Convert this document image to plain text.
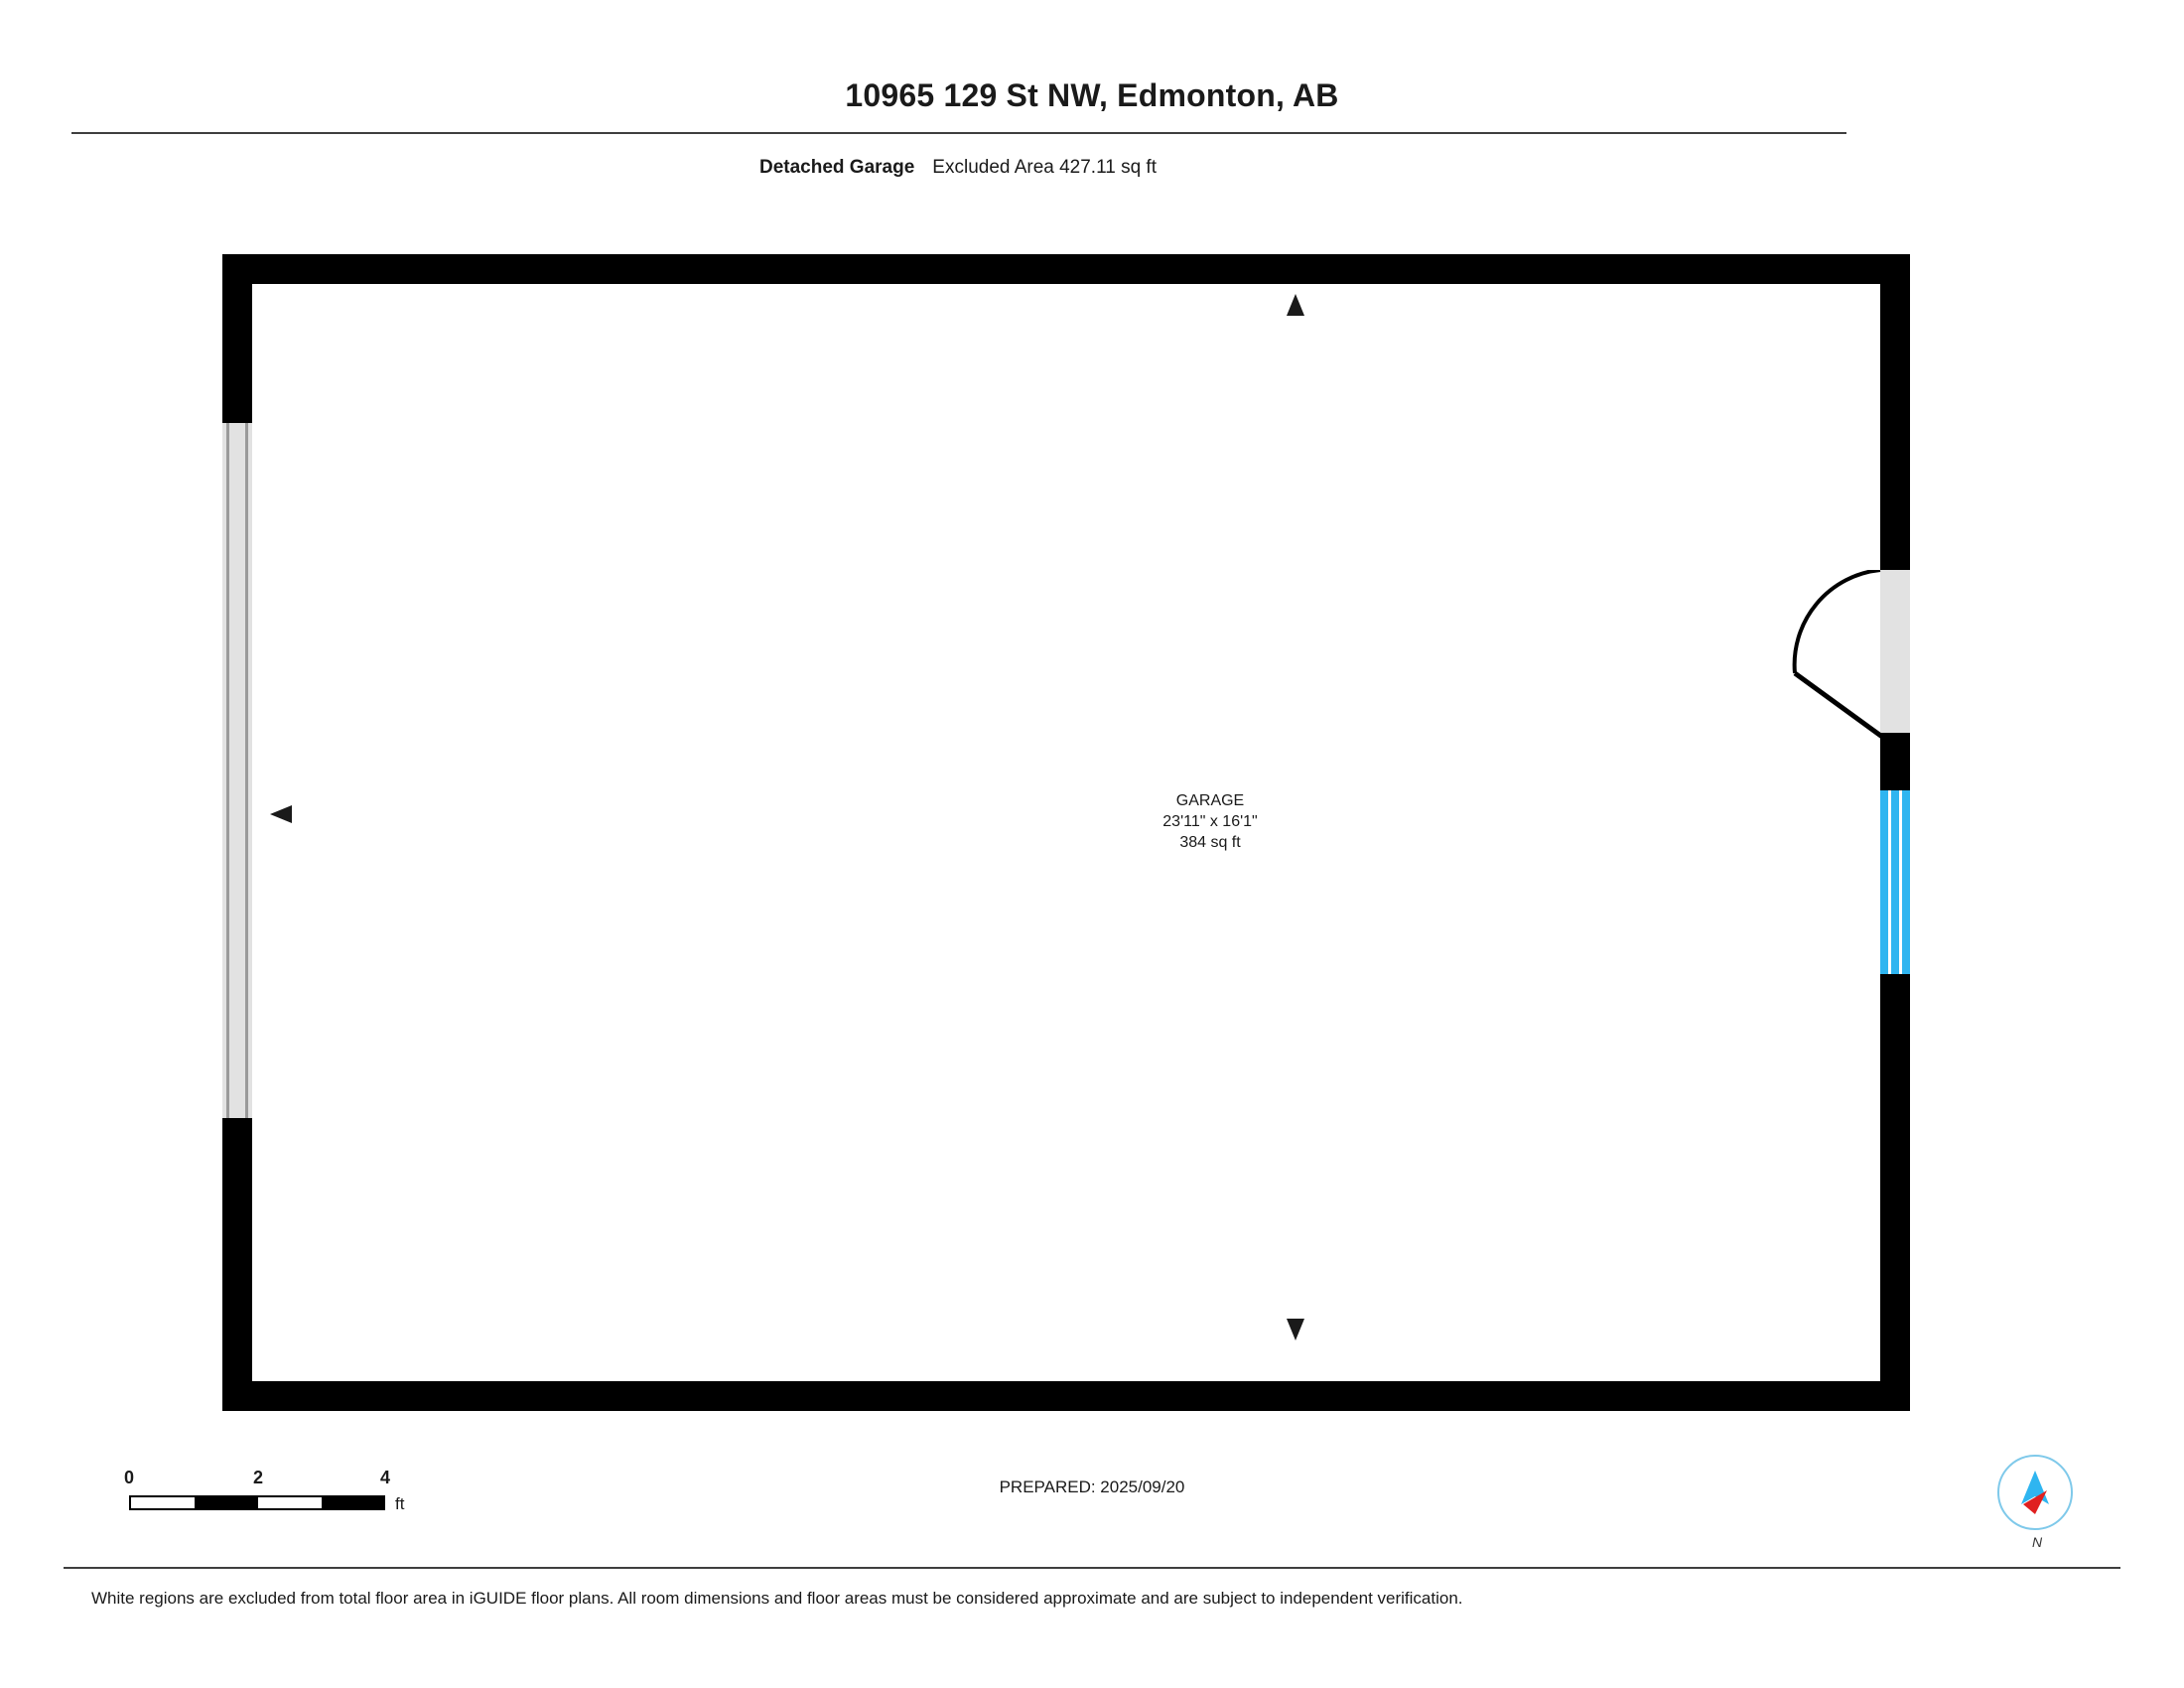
10965 129 St NW, Edmonton, AB
Detached Garage Excluded Area 427.11 sq ft
GARAGE
23'11" x 16'1"
384 sq ft
0	2	4
ft
PREPARED: 2025/09/20
N
White regions are excluded from total floor area in iGUIDE floor plans. All room dimensions and floor areas must be considered approximate and are subject to independent verification.
